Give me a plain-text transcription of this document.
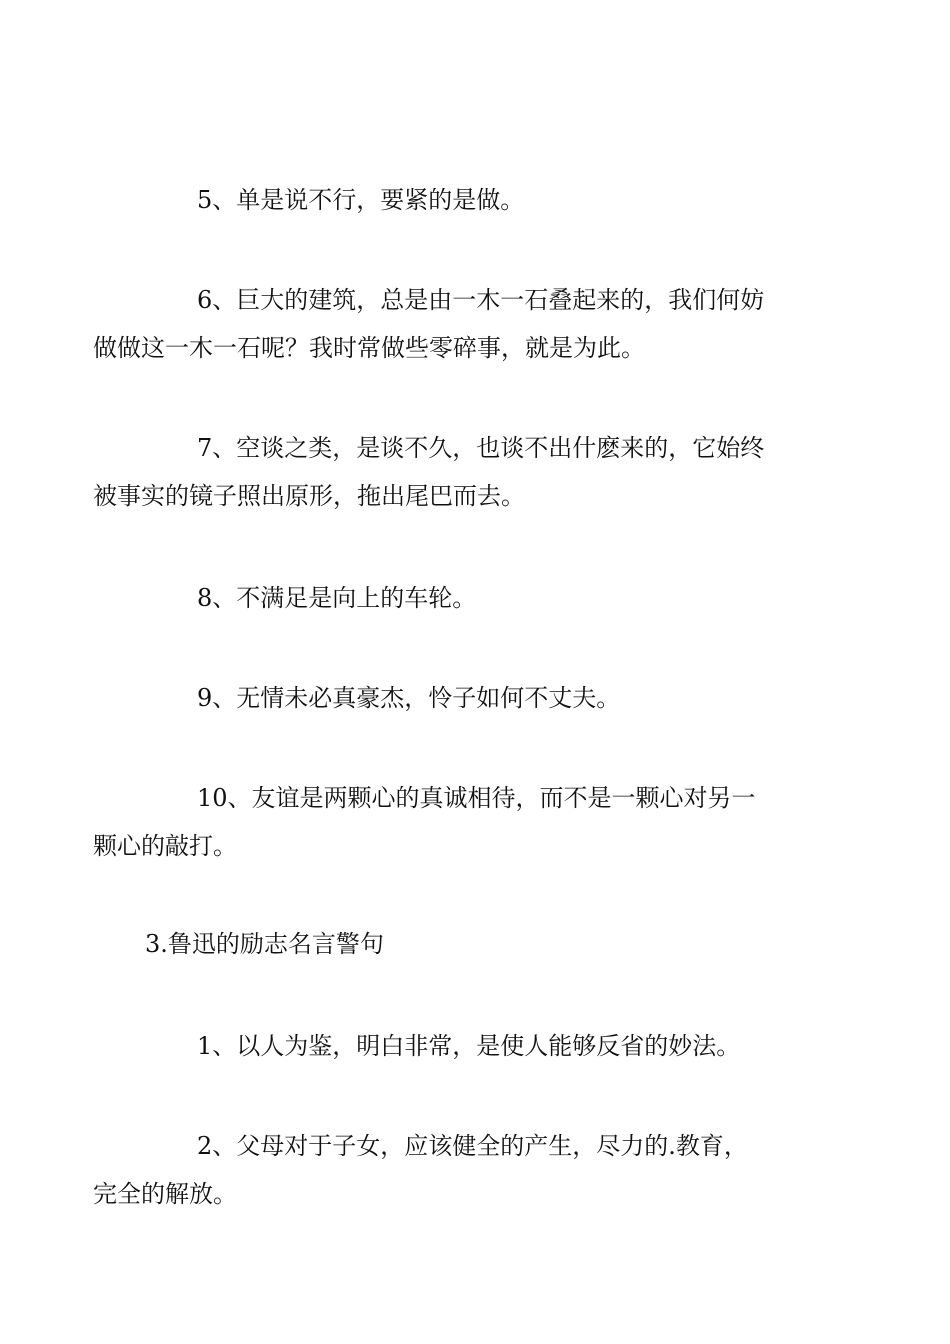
5、单是说不行，要紧的是做。

6、巨大的建筑，总是由一木一石叠起来的，我们何妨
做做这一木一石呢？我时常做些零碎事，就是为此。

7、空谈之类，是谈不久，也谈不出什麽来的，它始终
被事实的镜子照出原形，拖出尾巴而去。

8、不满足是向上的车轮。

9、无情未必真豪杰，怜子如何不丈夫。

10、友谊是两颗心的真诚相待，而不是一颗心对另一
颗心的敲打。

3.鲁迅的励志名言警句

1、以人为鉴，明白非常，是使人能够反省的妙法。

2、父母对于子女，应该健全的产生，尽力的.教育，
完全的解放。
